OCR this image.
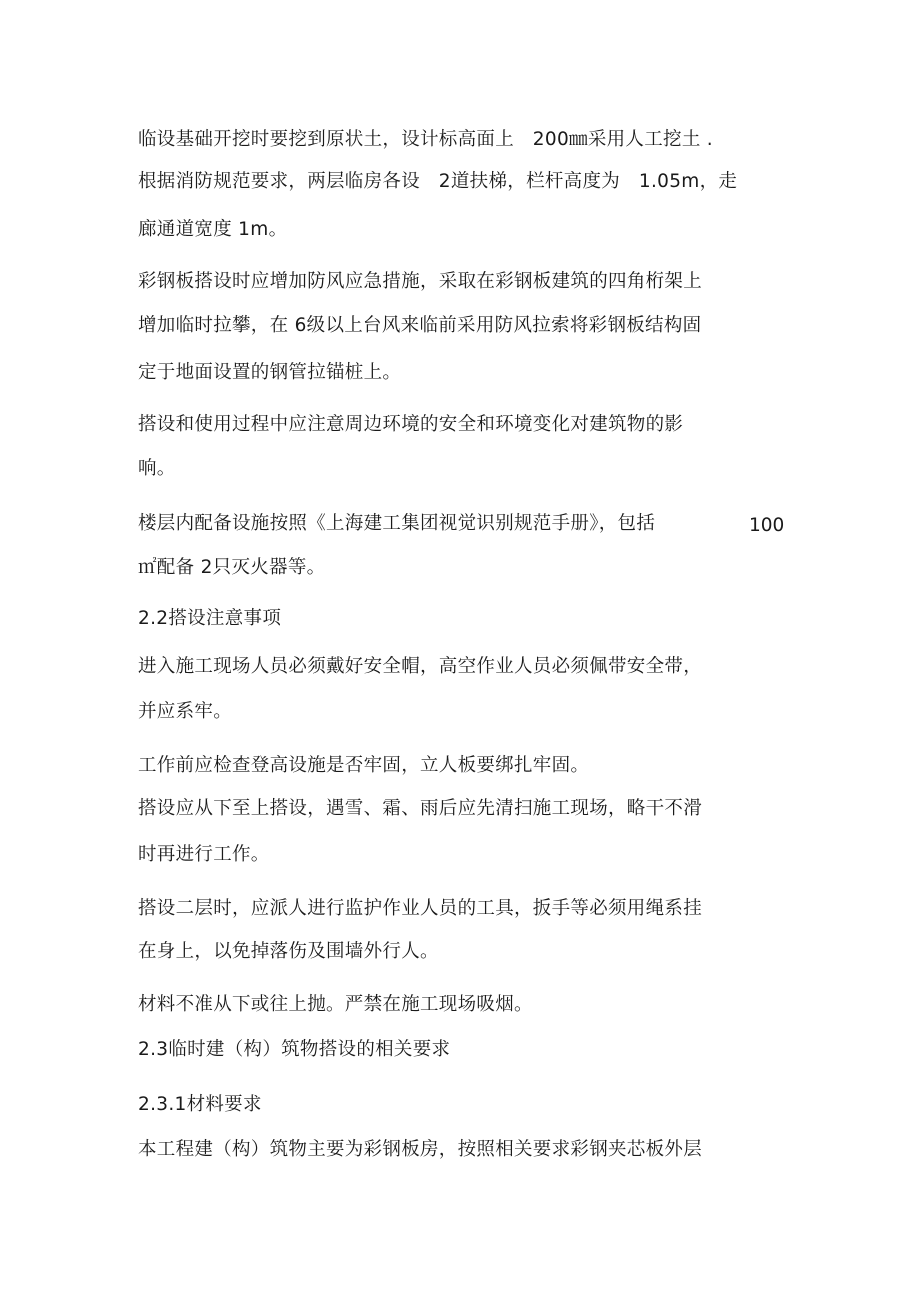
临设基础开挖时要挖到原状土，设计标高面上　200㎜采用人工挖土 .
根据消防规范要求，两层临房各设　2道扶梯，栏杆高度为　1.05m，走
廊通道宽度 1m。
彩钢板搭设时应增加防风应急措施，采取在彩钢板建筑的四角桁架上
增加临时拉攀，在 6级以上台风来临前采用防风拉索将彩钢板结构固
定于地面设置的钢管拉锚桩上。
搭设和使用过程中应注意周边环境的安全和环境变化对建筑物的影
响。
楼层内配备设施按照《上海建工集团视觉识别规范手册》，包括	100
㎡配备 2只灭火器等。
2.2搭设注意事项
进入施工现场人员必须戴好安全帽，高空作业人员必须佩带安全带，
并应系牢。
工作前应检查登高设施是否牢固，立人板要绑扎牢固。
搭设应从下至上搭设，遇雪、霜、雨后应先清扫施工现场，略干不滑
时再进行工作。
搭设二层时，应派人进行监护作业人员的工具，扳手等必须用绳系挂
在身上，以免掉落伤及围墙外行人。
材料不准从下或往上抛。严禁在施工现场吸烟。
2.3临时建（构）筑物搭设的相关要求
2.3.1材料要求
本工程建（构）筑物主要为彩钢板房，按照相关要求彩钢夹芯板外层
